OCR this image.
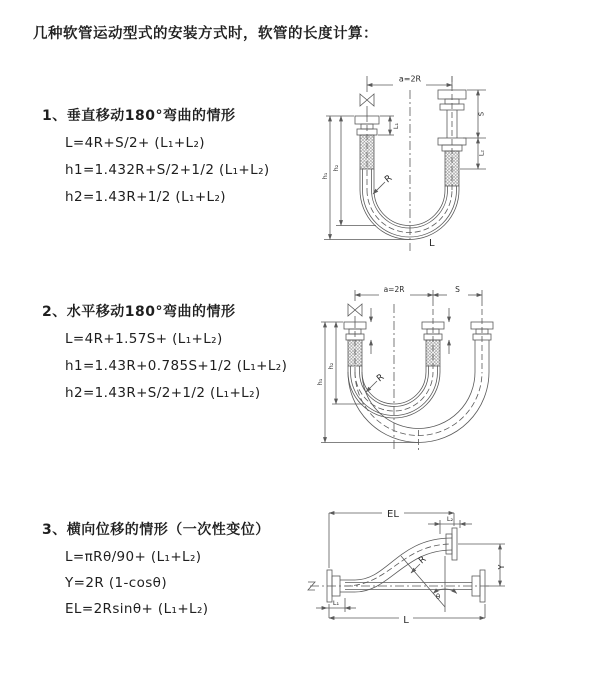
几种软管运动型式的安装方式时，软管的长度计算：
1、垂直移动180°弯曲的情形
L=4R+S/2+ (L₁+L₂)
h1=1.432R+S/2+1/2 (L₁+L₂)
h2=1.43R+1/2 (L₁+L₂)
2、水平移动180°弯曲的情形
L=4R+1.57S+ (L₁+L₂)
h1=1.43R+0.785S+1/2 (L₁+L₂)
h2=1.43R+S/2+1/2 (L₁+L₂)
3、横向位移的情形（一次性变位）
L=πRθ/90+ (L₁+L₂)
Y=2R (1-cosθ)
EL=2Rsinθ+ (L₁+L₂)
a=2R
L₁
S
L₂
h₁
h₂
R
L
a=2R	S
h₁
h₂
R
EL	L₂
Y
R
θ
L
L₁
